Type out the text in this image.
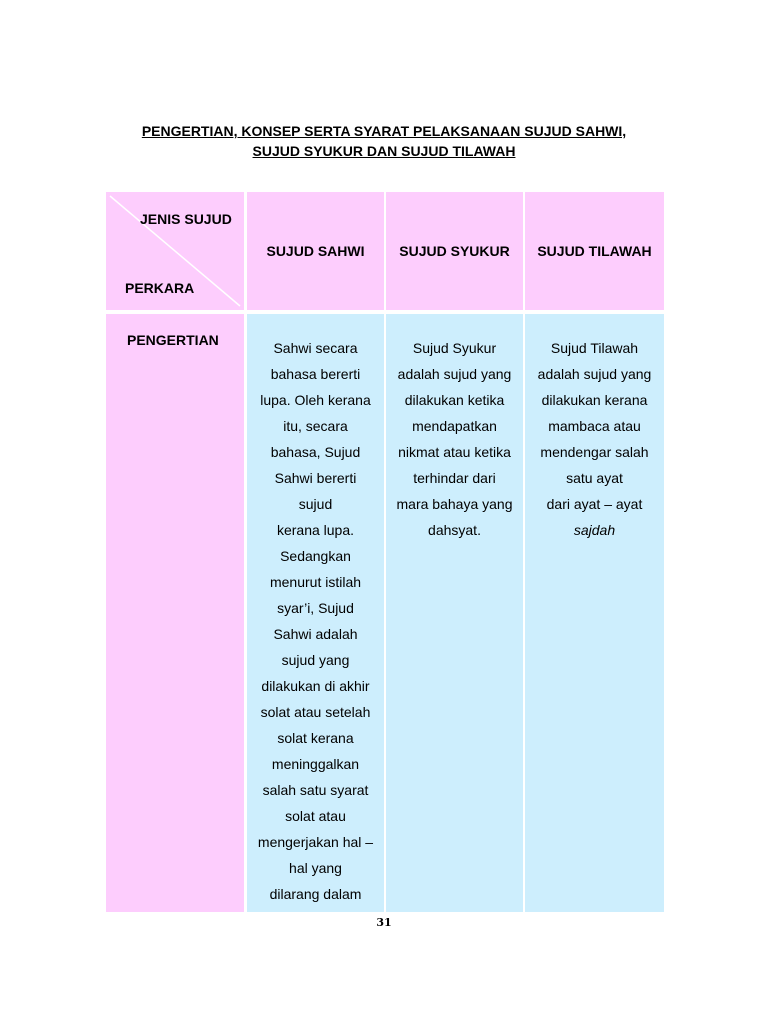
PENGERTIAN, KONSEP SERTA SYARAT PELAKSANAAN SUJUD SAHWI,
SUJUD SYUKUR DAN SUJUD TILAWAH
JENIS SUJUD
PERKARA
SUJUD SAHWI SUJUD SYUKUR SUJUD TILAWAH
PENGERTIAN	Sahwi secara
bahasa bererti
lupa. Oleh kerana
itu, secara
bahasa, Sujud
Sahwi bererti
sujud
kerana lupa.
Sedangkan
menurut istilah
syar’i, Sujud
Sahwi adalah
sujud yang
dilakukan di akhir
solat atau setelah
solat kerana
meninggalkan
salah satu syarat
solat atau
mengerjakan hal –
hal yang
dilarang dalam
Sujud Syukur
adalah sujud yang
dilakukan ketika
mendapatkan
nikmat atau ketika
terhindar dari
mara bahaya yang
dahsyat.
Sujud Tilawah
adalah sujud yang
dilakukan kerana
mambaca atau
mendengar salah
satu ayat
dari ayat – ayat
sajdah
31
